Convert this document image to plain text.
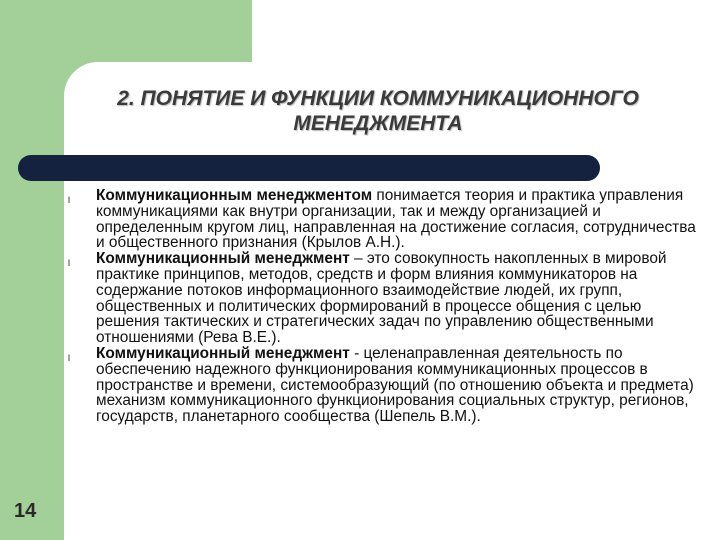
2. ПОНЯТИЕ И ФУНКЦИИ КОММУНИКАЦИОННОГО
МЕНЕДЖМЕНТА
l	Коммуникационным менеджментом понимается теория и практика управления коммуникациями как внутри организации, так и между организацией и определенным кругом лиц, направленная на достижение согласия, сотрудничества и общественного признания (Крылов А.Н.).
l	Коммуникационный менеджмент – это совокупность накопленных в мировой практике принципов, методов, средств и форм влияния коммуникаторов на содержание потоков информационного взаимодействие людей, их групп, общественных и политических формирований в процессе общения с целью решения тактических и стратегических задач по управлению общественными отношениями (Рева В.Е.).
l	Коммуникационный менеджмент - целенаправленная деятельность по обеспечению надежного функционирования коммуникационных процессов в пространстве и времени, системообразующий (по отношению объекта и предмета) механизм коммуникационного функционирования социальных структур, регионов, государств, планетарного сообщества (Шепель В.М.).
14
